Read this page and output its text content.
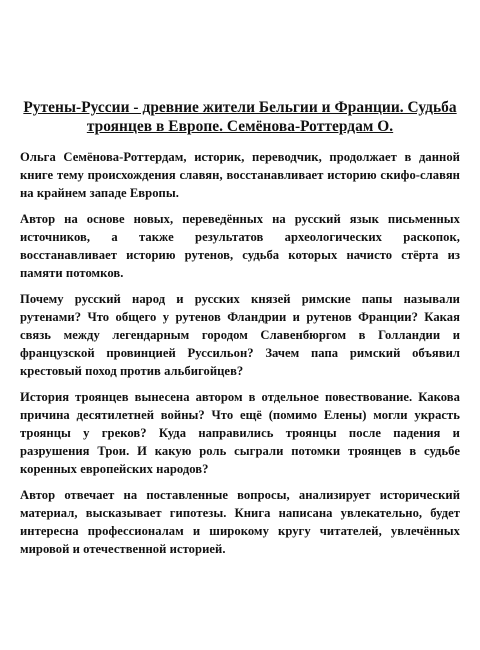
Рутены-Руссии - древние жители Бельгии и Франции. Судьба троянцев в Европе. Семёнова-Роттердам О.

Ольга Семёнова-Роттердам, историк, переводчик, продолжает в данной книге тему происхождения славян, восстанавливает историю скифо-славян на крайнем западе Европы.

Автор на основе новых, переведённых на русский язык письменных источников, а также результатов археологических раскопок, восстанавливает историю рутенов, судьба которых начисто стёрта из памяти потомков.

Почему русский народ и русских князей римские папы называли рутенами? Что общего у рутенов Фландрии и рутенов Франции? Какая связь между легендарным городом Славенбюргом в Голландии и французской провинцией Руссильон? Зачем папа римский объявил крестовый поход против альбигойцев?

История троянцев вынесена автором в отдельное повествование. Какова причина десятилетней войны? Что ещё (помимо Елены) могли украсть троянцы у греков? Куда направились троянцы после падения и разрушения Трои. И какую роль сыграли потомки троянцев в судьбе коренных европейских народов?

Автор отвечает на поставленные вопросы, анализирует исторический материал, высказывает гипотезы. Книга написана увлекательно, будет интересна профессионалам и широкому кругу читателей, увлечённых мировой и отечественной историей.
